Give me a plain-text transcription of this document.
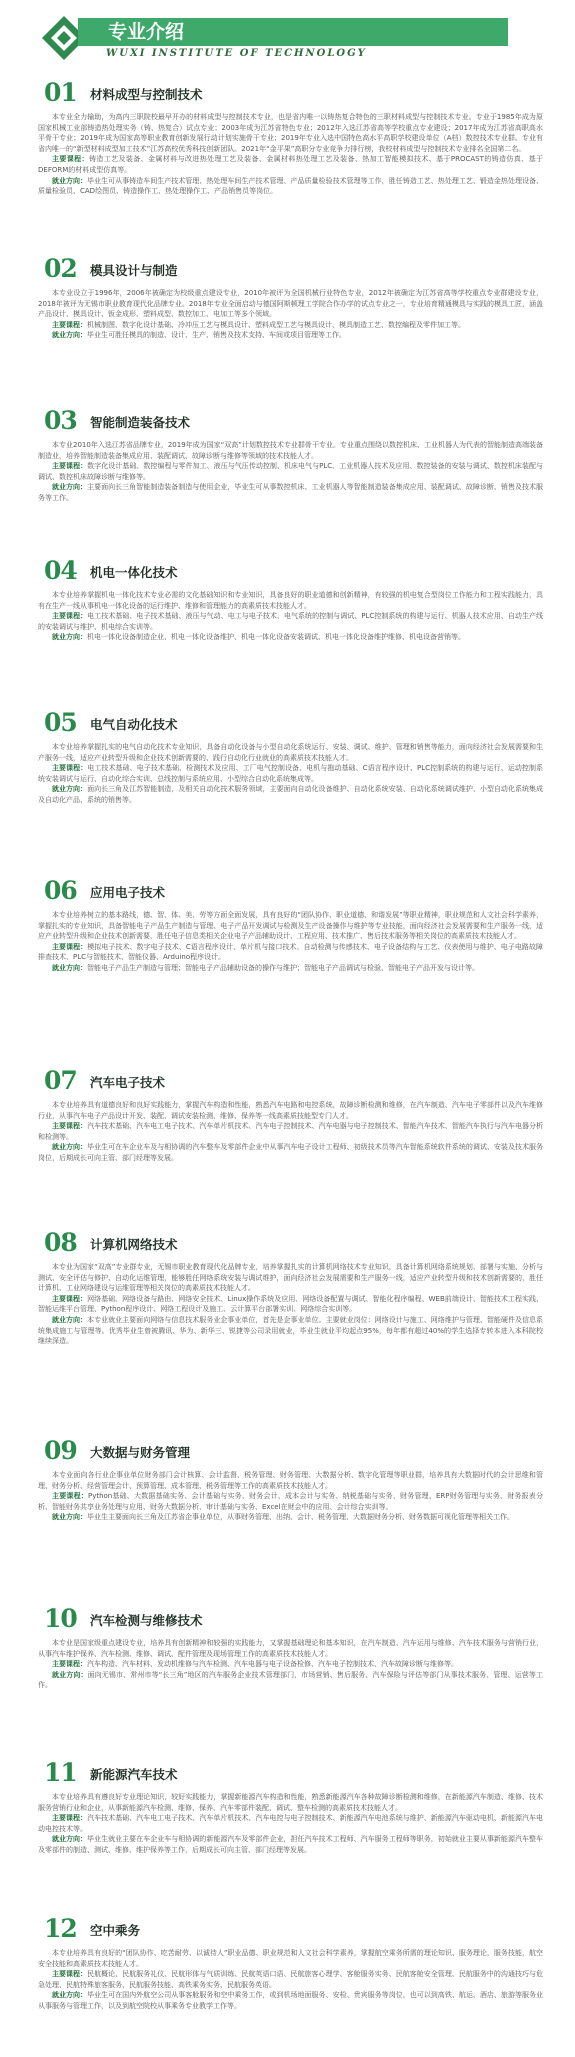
专业介绍
WUXI INSTITUTE OF TECHNOLOGY
01 材料成型与控制技术

本专业全力输助，为高内三职院校最早开办的材料成型与控制技术专业，也是省内唯一以铸热复合特色的三职材料成型与控制技术专业。专业于1985年成为原国家机械工业部铸造热处理实务（铸、热复合）试点专业；2003年成为江苏省特色专业；2012年入选江苏省高等学校重点专业建设；2017年成为江苏省高职高水平骨干专业；2019年成为国家高等职业教育创新发展行动计划实施骨干专业；2019年专业入选中国特色高水平高职学校建设单位（A档）数控技术专业群。专业有省内唯一的“新型材料成型加工技术”江苏高校优秀科技创新团队。2021年“金平果”高职分专业竞争力排行榜，我校材料成型与控制技术专业排名全国第二名。

主要课程：铸造工艺及装备、金属材料与改进热处理工艺及装备、金属材料热处理工艺及装备、热加工智能模拟技术、基于PROCAST的铸造仿真、基于DEFORM的材料成型仿真等。

就业方向：毕业生可从事铸造车间生产技术管理、热处理车间生产技术管理、产品质量检验技术管理等工作，胜任铸造工艺、热处理工艺、锻造金热处理设备、质量检验员、CAD绘图员、铸造操作工、热处理操作工、产品销售员等岗位。

02 模具设计与制造

本专业设立于1996年，2006年被确定为校级重点建设专业，2010年被评为全国机械行业特色专业，2012年被确定为江苏省高等学校重点专业群建设专业，2018年被评为无锡市职业教育现代化品牌专业。2018年专业全面启动与德国阿斯顿理工学院合作办学的试点专业之一，专业培育精通模具与实践的模具工匠，涵盖产品设计、模具设计、钣金成形、塑料成型、数控加工、电加工等多个领域。

主要课程：机械制图、数字化设计基础、冷冲压工艺与模具设计、塑料成型工艺与模具设计、模具制造工艺、数控编程及零件加工等。

就业方向：毕业生可胜任模具的制造、设计、生产、销售及技术支持、车间或项目管理等工作。

03 智能制造装备技术

本专业2010年入选江苏省品牌专业，2019年成为国家“双高”计划数控技术专业群骨干专业。专业重点围绕以数控机床、工业机器人为代表的智能制造高端装备制造业，培养智能制造装备集成应用、装配调试、故障诊断与维修等领域的技术技能人才。

主要课程：数字化设计基础、数控编程与零件加工、液压与气压传动控制、机床电气与PLC、工业机器人技术及应用、数控装备的安装与调试、数控机床装配与调试、数控机床故障诊断与维修等。

就业方向：主要面向长三角智能制造装备制造与使用企业，毕业生可从事数控机床、工业机器人等智能制造装备集成应用、装配调试、故障诊断、销售及技术服务等工作。

04 机电一体化技术

本专业培养掌握机电一体化技术专业必需的文化基础知识和专业知识，具备良好的职业道德和创新精神，有较强的机电复合型岗位工作能力和工程实践能力，具有在生产一线从事机电一体化设备的运行维护、维修和管理能力的高素质技术技能人才。

主要课程：电工技术基础、电子技术基础、液压与气动、电工与电子技术、电气系统的控制与调试、PLC控制系统的构建与运行、机器人技术应用、自动生产线的安装调试与维护、机电综合实训等。

就业方向：机电一体化设备制造企业、机电一体化设备维护、机电一体化设备安装调试、机电一体化设备维护维修、机电设备营销等。

05 电气自动化技术

本专业培养掌握扎实的电气自动化技术专业知识，具备自动化设备与小型自动化系统运行、安装、调试、维护、管理和销售等能力，面向经济社会发展需要和生产服务一线，适应产业转型升级和企业技术创新需要的、践行自动化行业就业的高素质技术技能人才。

主要课程：电工技术基础、电子技术基础、检测技术及应用、工厂电气控制设备、电机与拖动基础、C语言程序设计、PLC控制系统的构建与运行、运动控制系统安装调试与运行、自动化综合实训、总线控制与系统应用、小型综合自动化系统集成等。

就业方向：面向长三角及江苏智能制造，及相关自动化技术服务领域，主要面向自动化设备维护、自动化系统安装、自动化系统调试维护、小型自动化系统集成及自动化产品、系统的销售等。

06 应用电子技术

本专业培养树立的基本路线，德、智、体、美、劳等方面全面发展，具有良好的“团队协作、职业道德、和谐发展”等职业精神，职业规范和人文社会科学素养，掌握扎实的专业知识，具备智能电子产品生产制造与管理、电子产品开发调试与检测及生产设备操作与维护等专业技能，面向经济社会发展需要和生产服务一线，适应产业转型升级和企业技术创新需要，胜任电子信息类相关企业电子产品辅助设计、工程应用、技术推广、售后技术服务等相关岗位的高素质技术技能人才。

主要课程：模拟电子技术、数字电子技术、C语言程序设计、单片机与接口技术、自动检测与传感技术、电子设备结构与工艺、仪表使用与维护、电子电路故障排查技术、PLC与智能技术、智能仪器、Arduino程序设计。

就业方向：智能电子产品生产制造与管理；智能电子产品辅助设备的操作与维护；智能电子产品调试与检验、智能电子产品开发与设计等。

07 汽车电子技术

本专业培养具有道德良好和良好实践能力，掌握汽车构造和性能，熟悉汽车电路和电控系统，故障诊断检测和维修，在汽车制造、汽车电子零部件以及汽车维修行业，从事汽车电子产品设计开发、装配、调试安装检测、维修、保养等一线高素质技能型专门人才。

主要课程：汽车技术基础、汽车电工电子技术、汽车单片机技术、汽车电子控制技术、汽车电器与电子控制技术、智能汽车技术、智能汽车执行与汽车电器分析和检测等。

就业方向：毕业生可在车企业车及与相协调的汽车整车及零部件企业中从事汽车电子设计工程师、初级技术员等汽车智能系统软件系统的调试、安装及技术服务岗位，后期成长可向主管、部门经理等发展。

08 计算机网络技术

本专业为国家“双高”专业群专业，无锡市职业教育现代化品牌专业，培养掌握扎实的计算机网络技术专业知识，具备计算机网络系统规划、部署与实施、分析与测试、安全评估与修护、自动化运维管理，能够胜任网络系统安装与调试维护，面向经济社会发展需要和生产服务一线，适应产业转型升级和技术创新需要的，胜任计算机、工业网络建设与运维管理等相关岗位的高素质技术技能人才。

主要课程：网络基础、网络设备与路由、网络安全技术、Linux操作系统及应用、网络设备配置与调试、智能化程序编程、WEB前端设计、智能技术工程实践、智能运维平台管理、Python程序设计、网络工程设计及施工、云计算平台部署实训、网络综合实训等。

就业方向：本专业就业主要面向网络与信息技术服务业企事业单位，首先是企事业单位。主要就业岗位：网络设计与施工、网络维护与管理、智能硬件及信息系统集成施工与管理等。优秀毕业生曾被腾讯、华为、新华三、锐捷等公司录用就业，毕业生就业平均起点95%，每年都有超过40%的学生选择专转本进入本科院校继续深造。

09 大数据与财务管理

本专业面向各行业企事业单位财务部门会计核算、会计监督、税务管理、财务管理、大数据分析、数字化管理等职业群，培养具有大数据时代的会计思维和管理、财务分析、经营管理会计、预算管理、成本管理、税务管理等工作的高素质技术技能人才。

主要课程：Python基础、大数据基础实务、会计基础与实务、财务会计、成本会计与实务、纳税基础与实务、财务管理、ERP财务管理与实务、财务报表分析、智能财务共享业务处理与应用、财务大数据分析、审计基础与实务、Excel在财会中的应用、会计综合实训等。

就业方向：毕业生主要面向长三角及江苏省企事业单位，从事财务管理、出纳、会计、税务管理、大数据财务分析、财务数据可视化管理等相关工作。

10 汽车检测与维修技术

本专业是国家级重点建设专业，培养具有创新精神和较强的实践能力，又掌握基础理论和基本知识，在汽车制造、汽车运用与维修、汽车技术服务与营销行业，从事汽车维护保养、汽车检测、维修、调试、配件管理及现场管理工作的高素质技术技能人才。

主要课程：汽车构造、汽车材料、发动机维修与汽车检测、汽车电器与电子设备检修、汽车电子控制技术、汽车故障诊断与维修等。

就业方向：面向无锡市、常州市等“长三角”地区的汽车服务企业技术管理部门，市场营销、售后服务、汽车保险与评估等部门从事技术服务、管理、运营等工作。

11 新能源汽车技术

本专业培养具有遵良好专业理论知识，较好实践能力，掌握新能源汽车构造和性能，熟悉新能源汽车各种故障诊断检测和维修，在新能源汽车制造、维修、技术服务营销行业和企业，从事新能源汽车检测、维修、保养、汽车零部件装配、调试、整车检测的高素质技术技能人才。

主要课程：汽车技术基础、汽车电工电子技术、汽车单片机技术、汽车电控与电子控制技术、新能源汽车电池系统与维护、新能源汽车驱动电机、新能源汽车电动电控技术等。

就业方向：毕业生就业主要在车企业车与相协调的新能源汽车及零部件企业，担任汽车技术工程师、汽车服务工程师等职务，初始就业主要从事新能源汽车整车及零部件的制造、测试、维修、维护保养等工作，后期成长可向主管、部门经理等发展。

12 空中乘务

本专业培养具有良好的“团队协作、吃苦耐劳、以诚待人”职业品德、职业规范和人文社会科学素养，掌握航空乘务所需的理论知识、服务理论，服务技能，航空安全技能和高素质技术技能人才。

主要课程：民航概论、民航服务礼仪、民航形体与气质训练、民航英语口语、民航旅客心理学、客舱服务实务、民航客舱安全管理、民航服务中的沟通技巧与危急处理、民航特殊旅客服务、民航服务技能、高铁乘务实务、民航服务英语。

就业方向：毕业生可在国内外航空公司从事客舱服务和空中乘务工作，或到机场地面服务、安检、贵宾服务等岗位，也可以到高铁、航运、酒店、旅游等服务业从事服务与管理工作，以及到航空院校从事乘务专业教学工作等。
